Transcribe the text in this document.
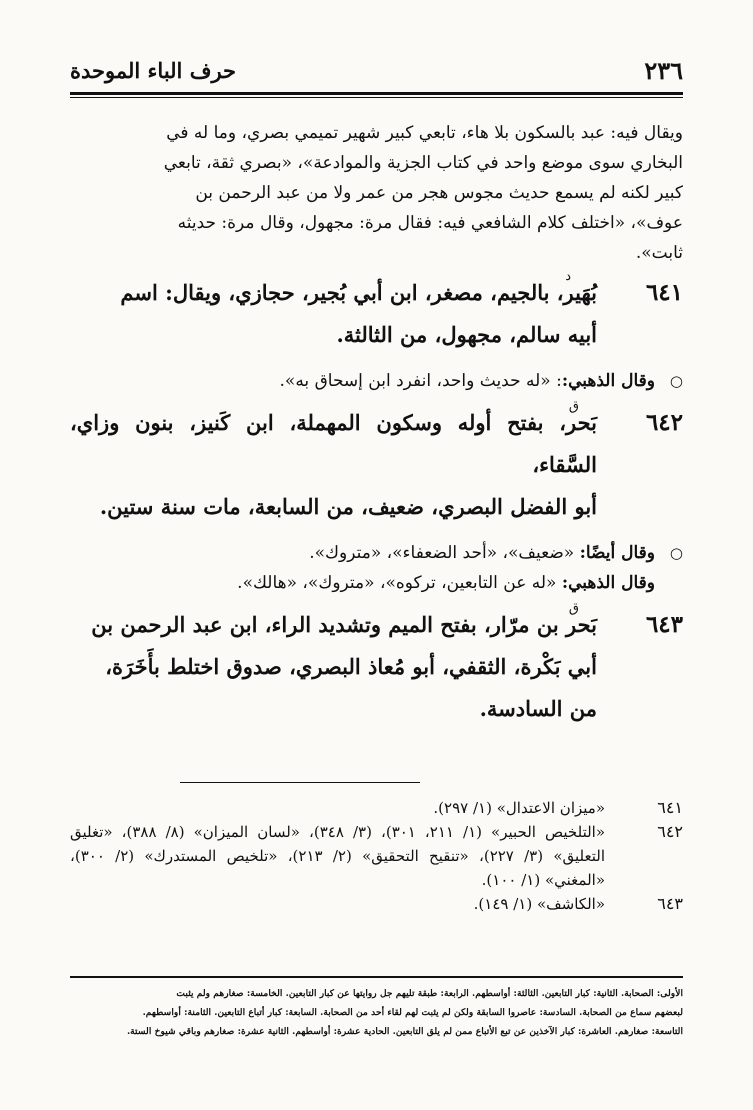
٢٣٦
حرف الباء الموحدة

ويقال فيه: عبد بالسكون بلا هاء، تابعي كبير شهير تميمي بصري، وما له في

البخاري سوى موضع واحد في كتاب الجزية والموادعة»، «بصري ثقة، تابعي

كبير لكنه لم يسمع حديث مجوس هجر من عمر ولا من عبد الرحمن بن

عوف»، «اختلف كلام الشافعي فيه: فقال مرة: مجهول، وقال مرة: حديثه

ثابت».

٦٤١
د

بُهَير، بالجيم، مصغر، ابن أبي بُجير، حجازي، ويقال: اسم

أبيه سالم، مجهول، من الثالثة.

○

وقال الذهبي:: «له حديث واحد، انفرد ابن إسحاق به».

٦٤٢
ق

بَحر، بفتح أوله وسكون المهملة، ابن كَنيز، بنون وزاي، السَّقاء،

أبو الفضل البصري، ضعيف، من السابعة، مات سنة ستين.

○

وقال أيضًا: «ضعيف»، «أحد الضعفاء»، «متروك».

وقال الذهبي: «له عن التابعين، تركوه»، «متروك»، «هالك».

٦٤٣
ق

بَحر بن مرّار، بفتح الميم وتشديد الراء، ابن عبد الرحمن بن

أبي بَكْرة، الثقفي، أبو مُعاذ البصري، صدوق اختلط بأَخَرَة،

من السادسة.

٦٤١

«ميزان الاعتدال» (١/ ٢٩٧).

٦٤٢

«التلخيص الحبير» (١/ ٢١١، ٣٠١)، (٣/ ٣٤٨)، «لسان الميزان» (٨/ ٣٨٨)، «تغليق التعليق» (٣/ ٢٢٧)، «تنقيح التحقيق» (٢/ ٢١٣)، «تلخيص المستدرك» (٢/ ٣٠٠)، «المغني» (١/ ١٠٠).

٦٤٣

«الكاشف» (١/ ١٤٩).

الأولى: الصحابة. الثانية: كبار التابعين. الثالثة: أواسطهم. الرابعة: طبقة تليهم جل روايتها عن كبار التابعين. الخامسة: صغارهم ولم يثبت

لبعضهم سماع من الصحابة. السادسة: عاصروا السابقة ولكن لم يثبت لهم لقاء أحد من الصحابة. السابعة: كبار أتباع التابعين. الثامنة: أواسطهم.

التاسعة: صغارهم. العاشرة: كبار الآخذين عن تبع الأتباع ممن لم يلق التابعين. الحادية عشرة: أواسطهم. الثانية عشرة: صغارهم وباقي شيوخ الستة.
